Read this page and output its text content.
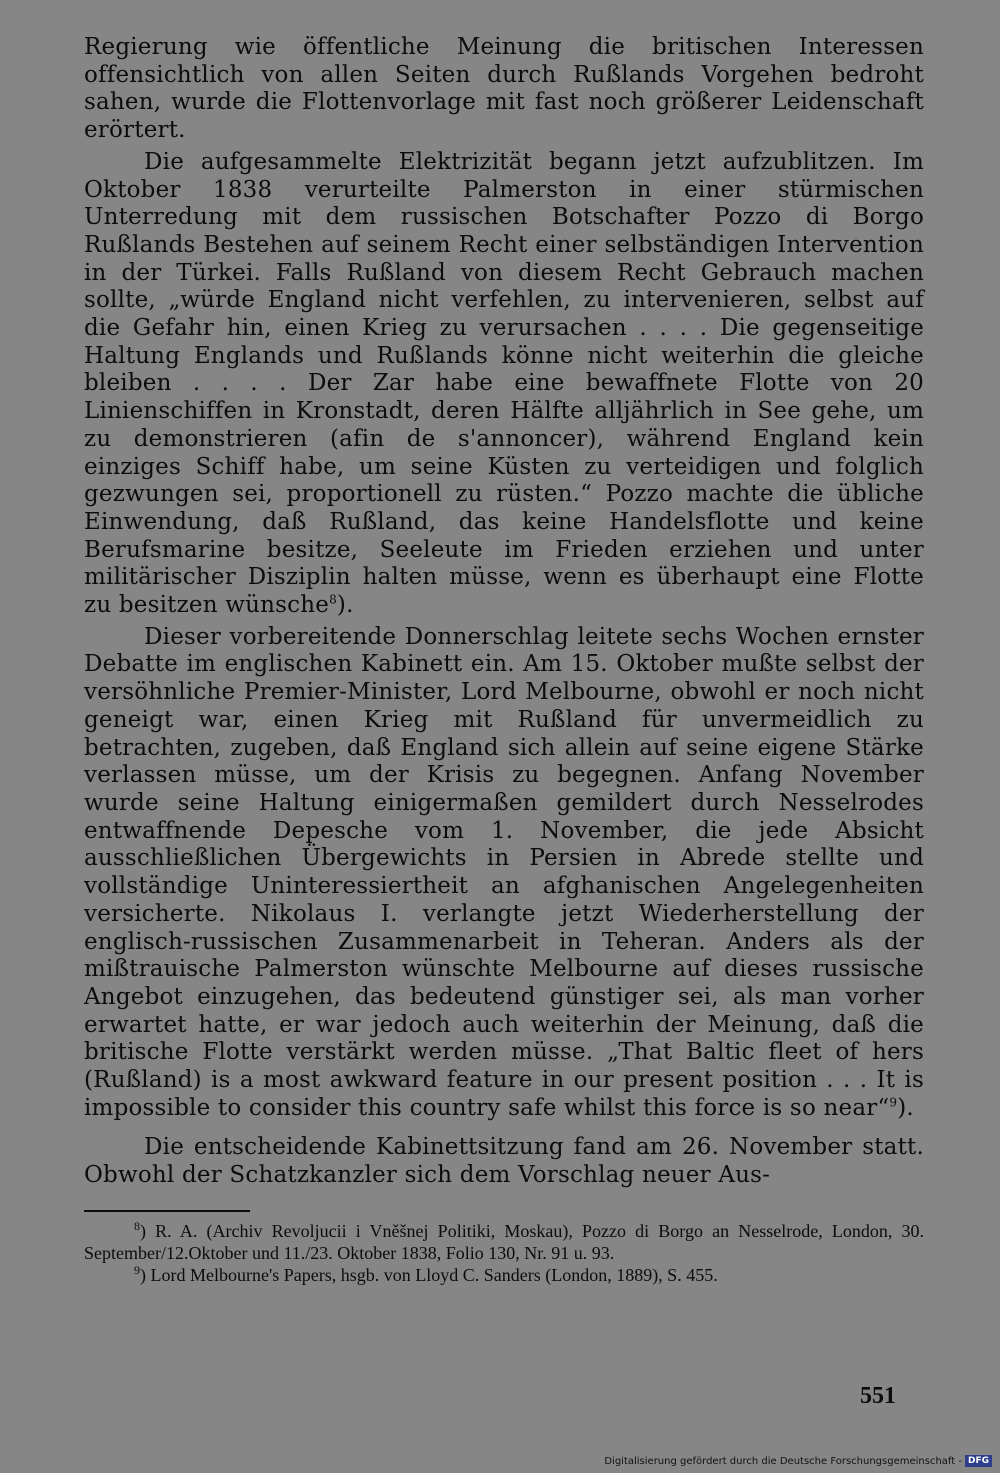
Regierung wie öffentliche Meinung die britischen Interessen offensichtlich von allen Seiten durch Rußlands Vorgehen bedroht sahen, wurde die Flottenvorlage mit fast noch größerer Leidenschaft erörtert.

Die aufgesammelte Elektrizität begann jetzt aufzublitzen. Im Oktober 1838 verurteilte Palmerston in einer stürmischen Unterredung mit dem russischen Botschafter Pozzo di Borgo Rußlands Bestehen auf seinem Recht einer selbständigen Intervention in der Türkei. Falls Rußland von diesem Recht Gebrauch machen sollte, „würde England nicht verfehlen, zu intervenieren, selbst auf die Gefahr hin, einen Krieg zu verursachen . . . . Die gegenseitige Haltung Englands und Rußlands könne nicht weiterhin die gleiche bleiben . . . . Der Zar habe eine bewaffnete Flotte von 20 Linienschiffen in Kronstadt, deren Hälfte alljährlich in See gehe, um zu demonstrieren (afin de s'annoncer), während England kein einziges Schiff habe, um seine Küsten zu verteidigen und folglich gezwungen sei, proportionell zu rüsten.“ Pozzo machte die übliche Einwendung, daß Rußland, das keine Handelsflotte und keine Berufsmarine besitze, Seeleute im Frieden erziehen und unter militärischer Disziplin halten müsse, wenn es überhaupt eine Flotte zu besitzen wünsche$^8$).

Dieser vorbereitende Donnerschlag leitete sechs Wochen ernster Debatte im englischen Kabinett ein. Am 15. Oktober mußte selbst der versöhnliche Premier-Minister, Lord Melbourne, obwohl er noch nicht geneigt war, einen Krieg mit Rußland für unvermeidlich zu betrachten, zugeben, daß England sich allein auf seine eigene Stärke verlassen müsse, um der Krisis zu begegnen. Anfang November wurde seine Haltung einigermaßen gemildert durch Nesselrodes entwaffnende Depesche vom 1. November, die jede Absicht ausschließlichen Übergewichts in Persien in Abrede stellte und vollständige Uninteressiertheit an afghanischen Angelegenheiten versicherte. Nikolaus I. verlangte jetzt Wiederherstellung der englisch-russischen Zusammenarbeit in Teheran. Anders als der mißtrauische Palmerston wünschte Melbourne auf dieses russische Angebot einzugehen, das bedeutend günstiger sei, als man vorher erwartet hatte, er war jedoch auch weiterhin der Meinung, daß die britische Flotte verstärkt werden müsse. „That Baltic fleet of hers (Rußland) is a most awkward feature in our present position . . . It is impossible to consider this country safe whilst this force is so near“$^9$).

Die entscheidende Kabinettsitzung fand am 26. November statt. Obwohl der Schatzkanzler sich dem Vorschlag neuer Aus-

$^8$) R. A. (Archiv Revoljucii i Vněšnej Politiki, Moskau), Pozzo di Borgo an Nesselrode, London, 30. September/12.Oktober und 11./23. Oktober 1838, Folio 130, Nr. 91 u. 93.

$^9$) Lord Melbourne's Papers, hsgb. von Lloyd C. Sanders (London, 1889), S. 455.

551
Digitalisierung gefördert durch die Deutsche Forschungsgemeinschaft - DFG
